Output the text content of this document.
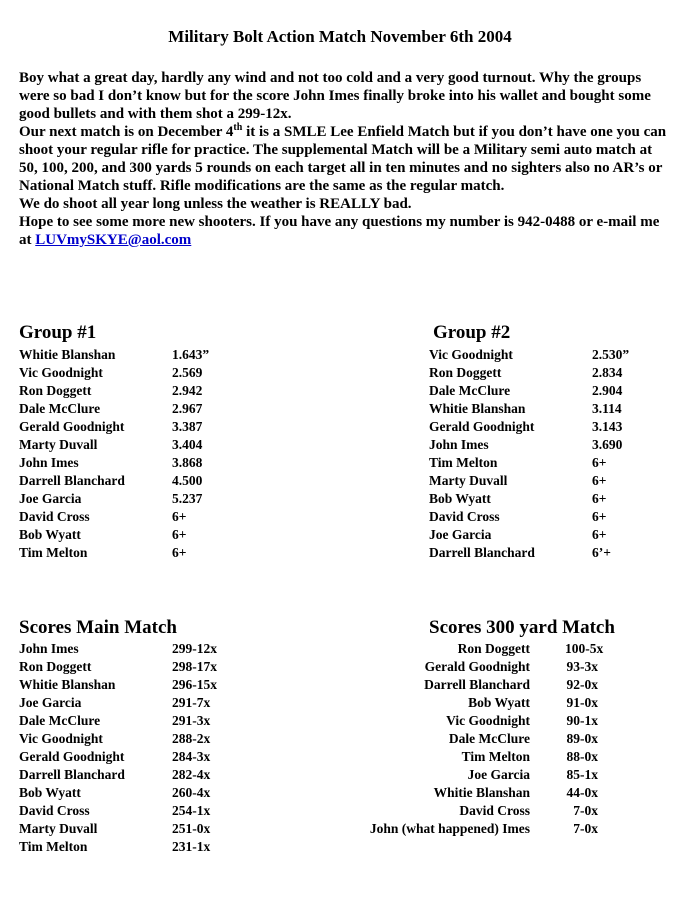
Military Bolt Action Match November 6th 2004

Boy what a great day, hardly any wind and not too cold and a very good turnout. Why the groups were so bad I don’t know but for the score John Imes finally broke into his wallet and bought some good bullets and with them shot a 299-12x.

Our next match is on December 4th it is a SMLE Lee Enfield Match but if you don’t have one you can shoot your regular rifle for practice. The supplemental Match will be a Military semi auto match at 50, 100, 200, and 300 yards 5 rounds on each target all in ten minutes and no sighters also no AR’s or National Match stuff. Rifle modifications are the same as the regular match.

We do shoot all year long unless the weather is REALLY bad.

Hope to see some more new shooters. If you have any questions my number is 942-0488 or e-mail me at LUVmySKYE@aol.com

Group #1
Whitie Blanshan	1.643”
Vic Goodnight	2.569
Ron Doggett	2.942
Dale McClure	2.967
Gerald Goodnight	3.387
Marty Duvall	3.404
John Imes	3.868
Darrell Blanchard	4.500
Joe Garcia	5.237
David Cross	6+
Bob Wyatt	6+
Tim Melton	6+
Group #2
Vic Goodnight	2.530”
Ron Doggett	2.834
Dale McClure	2.904
Whitie Blanshan	3.114
Gerald Goodnight	3.143
John Imes	3.690
Tim Melton	6+
Marty Duvall	6+
Bob Wyatt	6+
David Cross	6+
Joe Garcia	6+
Darrell Blanchard	6’+
Scores Main Match
John Imes	299-12x
Ron Doggett	298-17x
Whitie Blanshan	296-15x
Joe Garcia	291-7x
Dale McClure	291-3x
Vic Goodnight	288-2x
Gerald Goodnight	284-3x
Darrell Blanchard	282-4x
Bob Wyatt	260-4x
David Cross	254-1x
Marty Duvall	251-0x
Tim Melton	231-1x
Scores 300 yard Match
Ron Doggett	100-5x
Gerald Goodnight	93-3x
Darrell Blanchard	92-0x
Bob Wyatt	91-0x
Vic Goodnight	90-1x
Dale McClure	89-0x
Tim Melton	88-0x
Joe Garcia	85-1x
Whitie Blanshan	44-0x
David Cross	7-0x
John (what happened) Imes	7-0x
